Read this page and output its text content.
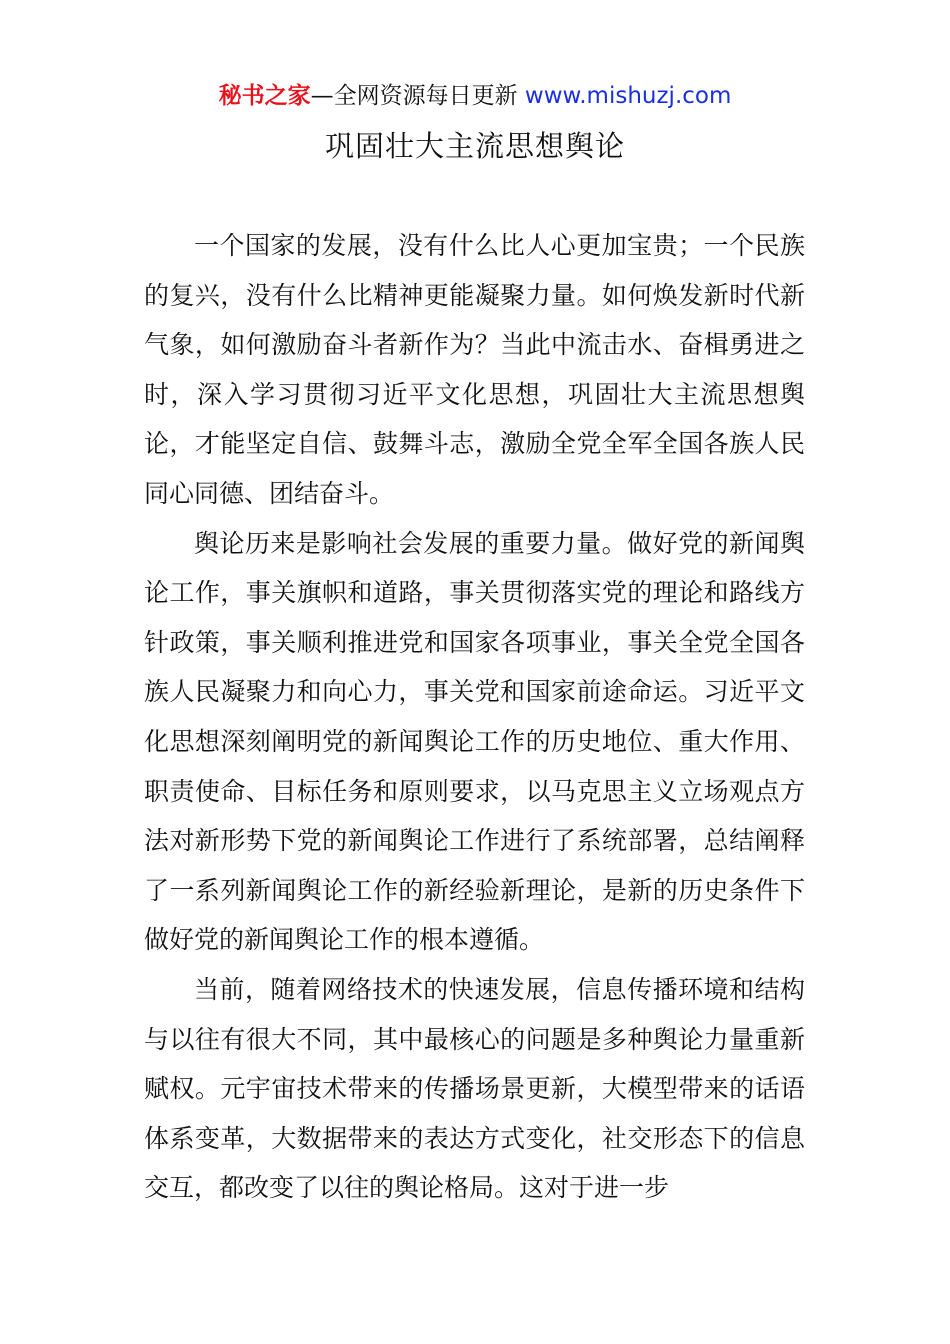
秘书之家—全网资源每日更新 www.mishuzj.com
巩固壮大主流思想舆论

一个国家的发展，没有什么比人心更加宝贵；一个民族的复兴，没有什么比精神更能凝聚力量。如何焕发新时代新气象，如何激励奋斗者新作为？当此中流击水、奋楫勇进之时，深入学习贯彻习近平文化思想，巩固壮大主流思想舆论，才能坚定自信、鼓舞斗志，激励全党全军全国各族人民同心同德、团结奋斗。

舆论历来是影响社会发展的重要力量。做好党的新闻舆论工作，事关旗帜和道路，事关贯彻落实党的理论和路线方针政策，事关顺利推进党和国家各项事业，事关全党全国各族人民凝聚力和向心力，事关党和国家前途命运。习近平文化思想深刻阐明党的新闻舆论工作的历史地位、重大作用、职责使命、目标任务和原则要求，以马克思主义立场观点方法对新形势下党的新闻舆论工作进行了系统部署，总结阐释了一系列新闻舆论工作的新经验新理论，是新的历史条件下做好党的新闻舆论工作的根本遵循。

当前，随着网络技术的快速发展，信息传播环境和结构与以往有很大不同，其中最核心的问题是多种舆论力量重新赋权。元宇宙技术带来的传播场景更新，大模型带来的话语体系变革，大数据带来的表达方式变化，社交形态下的信息交互，都改变了以往的舆论格局。这对于进一步
